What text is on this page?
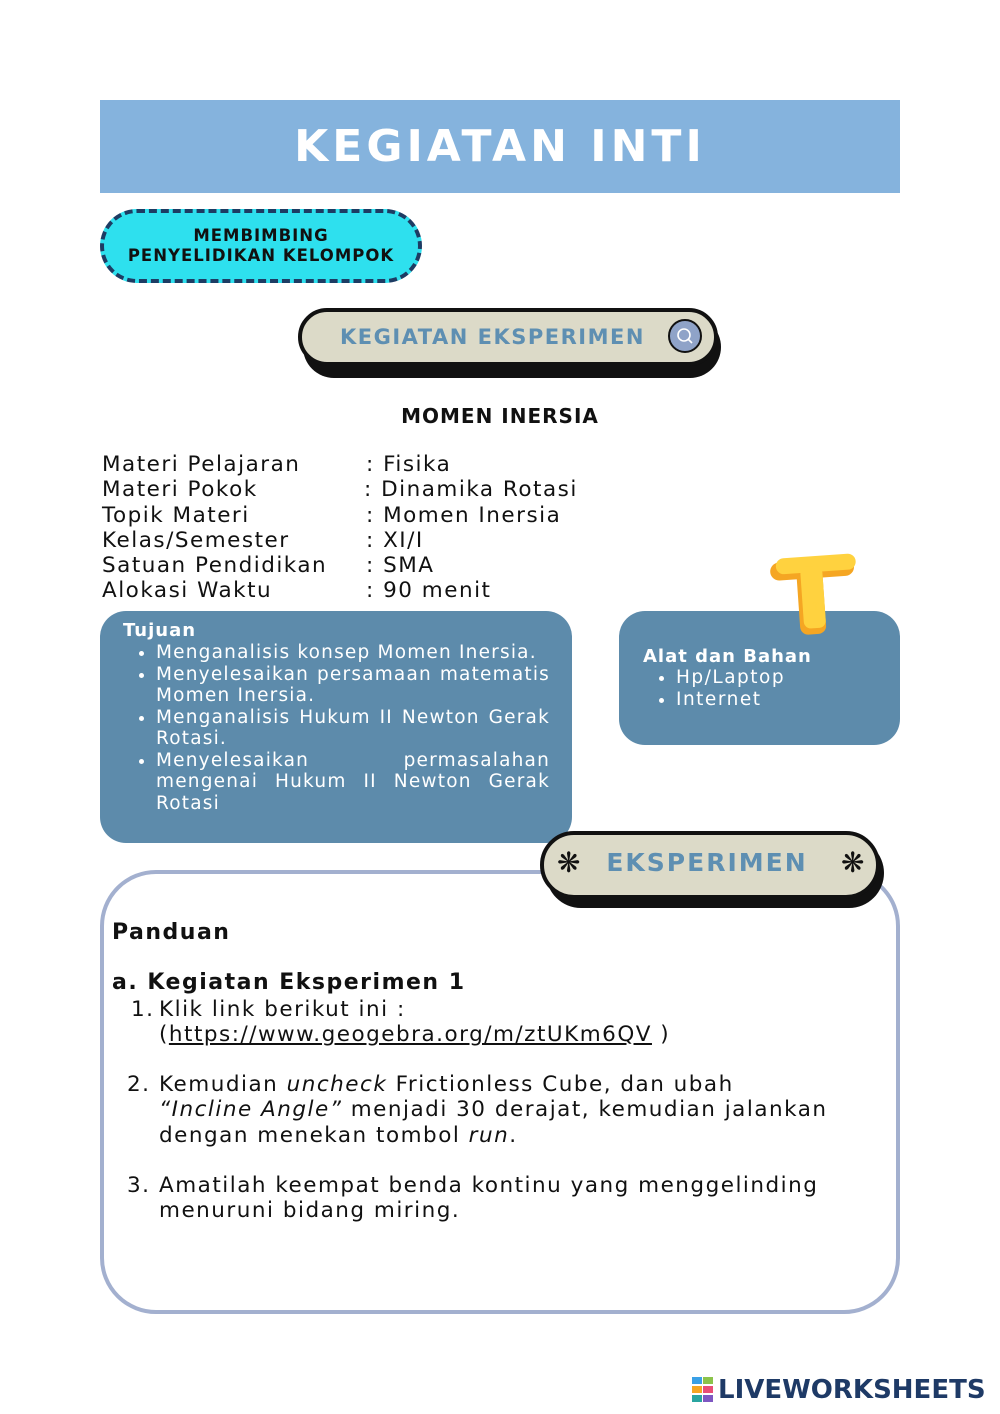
KEGIATAN INTI
MEMBIMBING
PENYELIDIKAN KELOMPOK
KEGIATAN EKSPERIMEN
MOMEN INERSIA
Materi Pelajaran	: Fisika
Materi Pokok	: Dinamika Rotasi
Topik Materi	: Momen Inersia
Kelas/Semester	: XI/I
Satuan Pendidikan : SMA
Alokasi Waktu	: 90 menit
Tujuan
• Menganalisis konsep Momen Inersia.
• Menyelesaikan persamaan matematis Momen Inersia.
• Menganalisis Hukum II Newton Gerak Rotasi.
• Menyelesaikan permasalahan mengenai Hukum II Newton Gerak Rotasi
T
Alat dan Bahan
• Hp/Laptop
• Internet
❋ EKSPERIMEN ❋
Panduan
a. Kegiatan Eksperimen 1
1. Klik link berikut ini :
(https://www.geogebra.org/m/ztUKm6QV )
2. Kemudian uncheck Frictionless Cube, dan ubah
“Incline Angle” menjadi 30 derajat, kemudian jalankan
dengan menekan tombol run.
3. Amatilah keempat benda kontinu yang menggelinding
menuruni bidang miring.
LIVEWORKSHEETS
